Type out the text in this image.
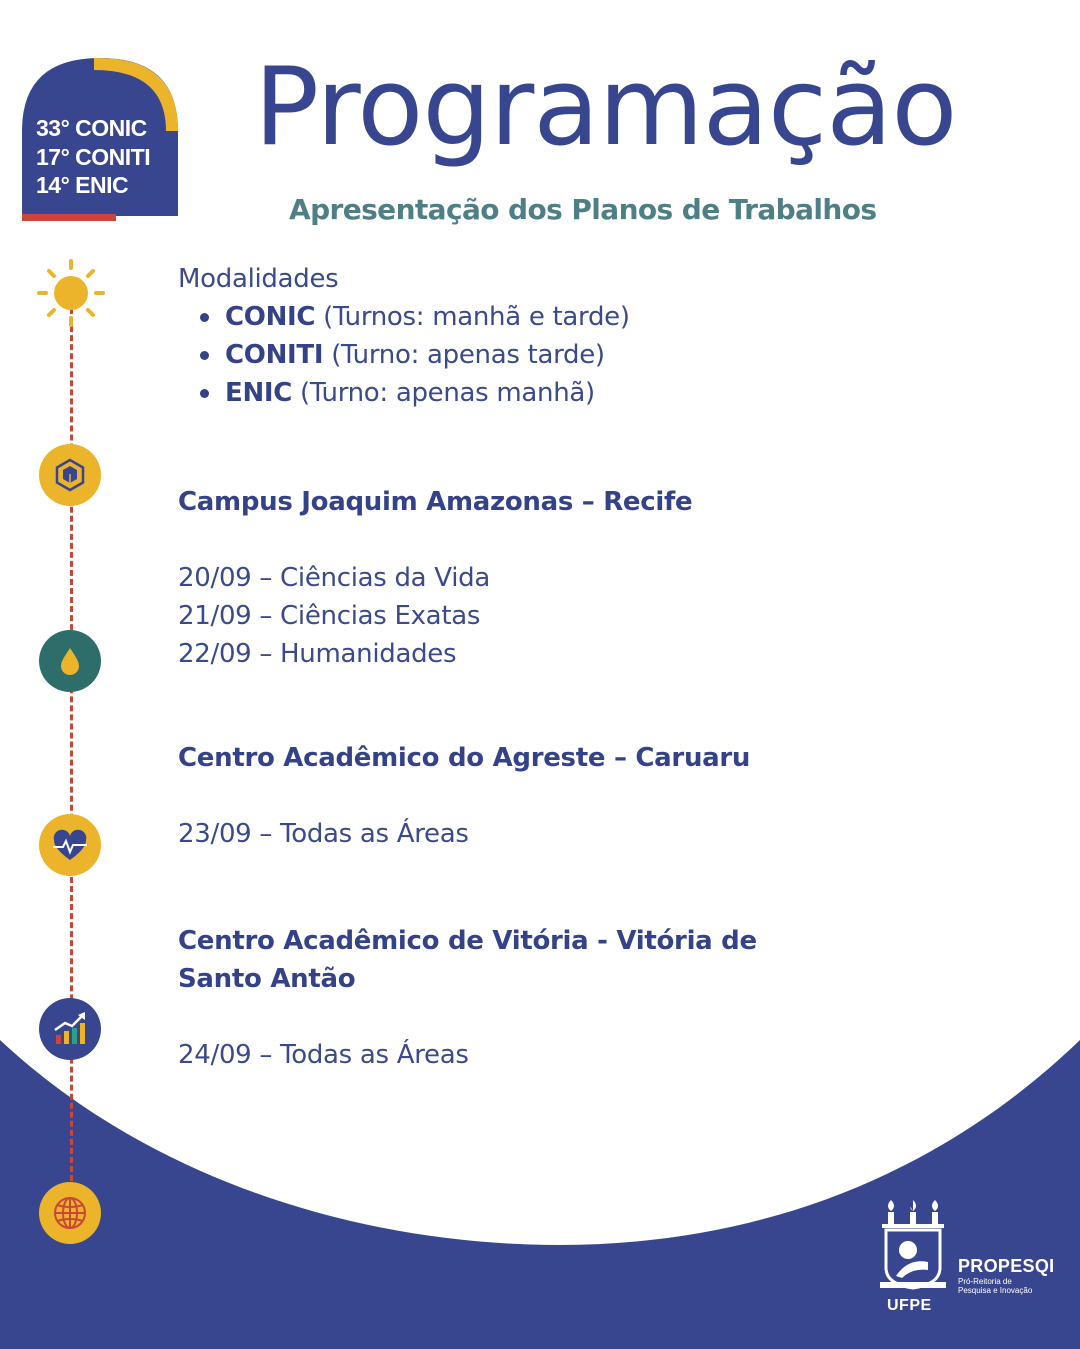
33° CONIC
17° CONITI
14° ENIC
Programação
Apresentação dos Planos de Trabalhos

Modalidades

CONIC (Turnos: manhã e tarde)
CONITI (Turno: apenas tarde)
ENIC (Turno: apenas manhã)

Campus Joaquim Amazonas – Recife

20/09 – Ciências da Vida

21/09 – Ciências Exatas

22/09 – Humanidades

Centro Acadêmico do Agreste – Caruaru

23/09 – Todas as Áreas

Centro Acadêmico de Vitória - Vitória de

Santo Antão

24/09 – Todas as Áreas

UFPE
PROPESQI
Pró-Reitoria de
Pesquisa e Inovação
